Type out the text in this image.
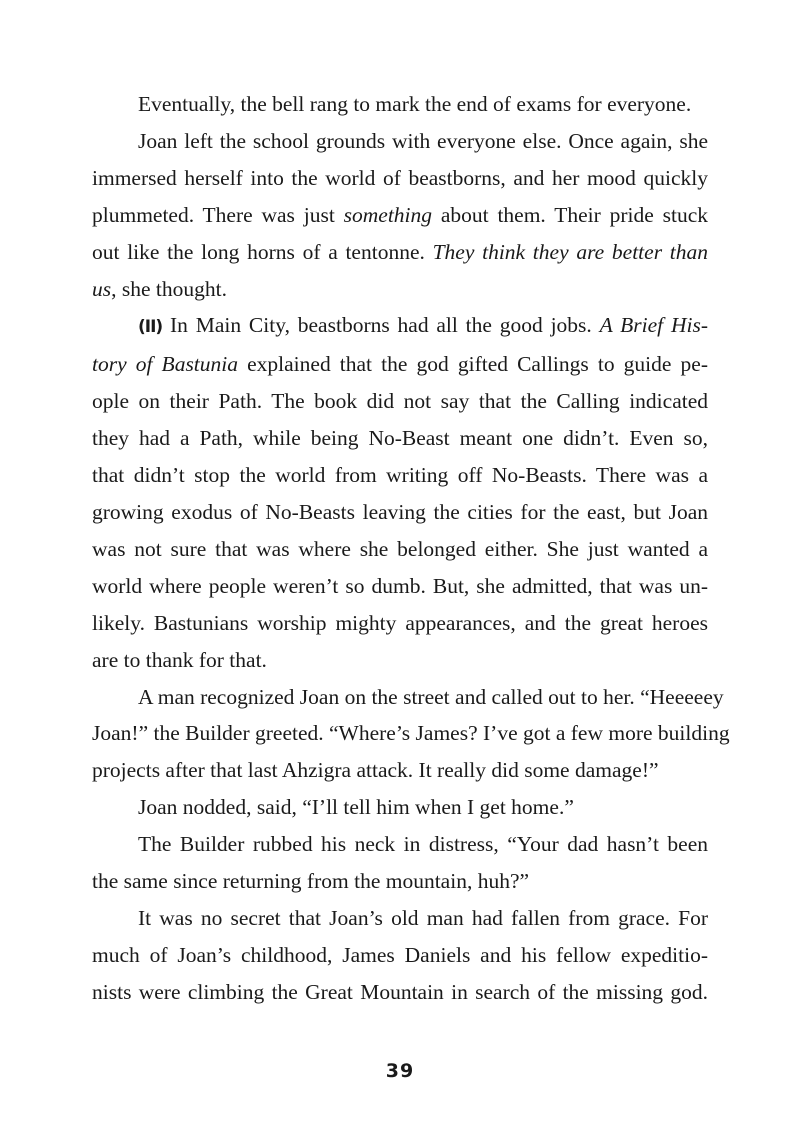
Eventually, the bell rang to mark the end of exams for everyone.
Joan left the school grounds with everyone else. Once again, she
immersed herself into the world of beastborns, and her mood quickly
plummeted. There was just something about them. Their pride stuck
out like the long horns of a tentonne. They think they are better than
us, she thought.
(II) In Main City, beastborns had all the good jobs. A Brief His-
tory of Bastunia explained that the god gifted Callings to guide pe-
ople on their Path. The book did not say that the Calling indicated
they had a Path, while being No-Beast meant one didn’t. Even so,
that didn’t stop the world from writing off No-Beasts. There was a
growing exodus of No-Beasts leaving the cities for the east, but Joan
was not sure that was where she belonged either. She just wanted a
world where people weren’t so dumb. But, she admitted, that was un-
likely. Bastunians worship mighty appearances, and the great heroes
are to thank for that.
A man recognized Joan on the street and called out to her. “Heeeeey
Joan!” the Builder greeted. “Where’s James? I’ve got a few more building
projects after that last Ahzigra attack. It really did some damage!”
Joan nodded, said, “I’ll tell him when I get home.”
The Builder rubbed his neck in distress, “Your dad hasn’t been
the same since returning from the mountain, huh?”
It was no secret that Joan’s old man had fallen from grace. For
much of Joan’s childhood, James Daniels and his fellow expeditio-
nists were climbing the Great Mountain in search of the missing god.
39
